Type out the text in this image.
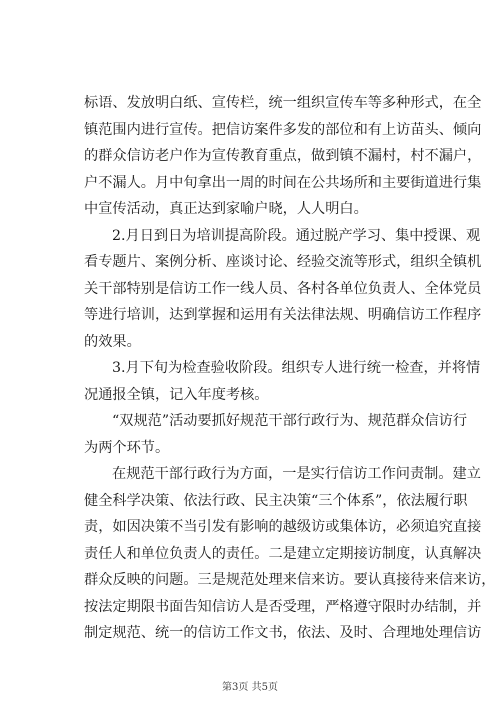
标语、发放明白纸、宣传栏，统一组织宣传车等多种形式，在全
镇范围内进行宣传。把信访案件多发的部位和有上访苗头、倾向
的群众信访老户作为宣传教育重点，做到镇不漏村，村不漏户，
户不漏人。月中旬拿出一周的时间在公共场所和主要街道进行集
中宣传活动，真正达到家喻户晓，人人明白。

2.月日到日为培训提高阶段。通过脱产学习、集中授课、观
看专题片、案例分析、座谈讨论、经验交流等形式，组织全镇机
关干部特别是信访工作一线人员、各村各单位负责人、全体党员
等进行培训，达到掌握和运用有关法律法规、明确信访工作程序
的效果。

3.月下旬为检查验收阶段。组织专人进行统一检查，并将情
况通报全镇，记入年度考核。

“双规范”活动要抓好规范干部行政行为、规范群众信访行
为两个环节。

在规范干部行政行为方面，一是实行信访工作问责制。建立
健全科学决策、依法行政、民主决策“三个体系”，依法履行职
责，如因决策不当引发有影响的越级访或集体访，必须追究直接
责任人和单位负责人的责任。二是建立定期接访制度，认真解决
群众反映的问题。三是规范处理来信来访。要认真接待来信来访，
按法定期限书面告知信访人是否受理，严格遵守限时办结制，并
制定规范、统一的信访工作文书，依法、及时、合理地处理信访

第3页 共5页
